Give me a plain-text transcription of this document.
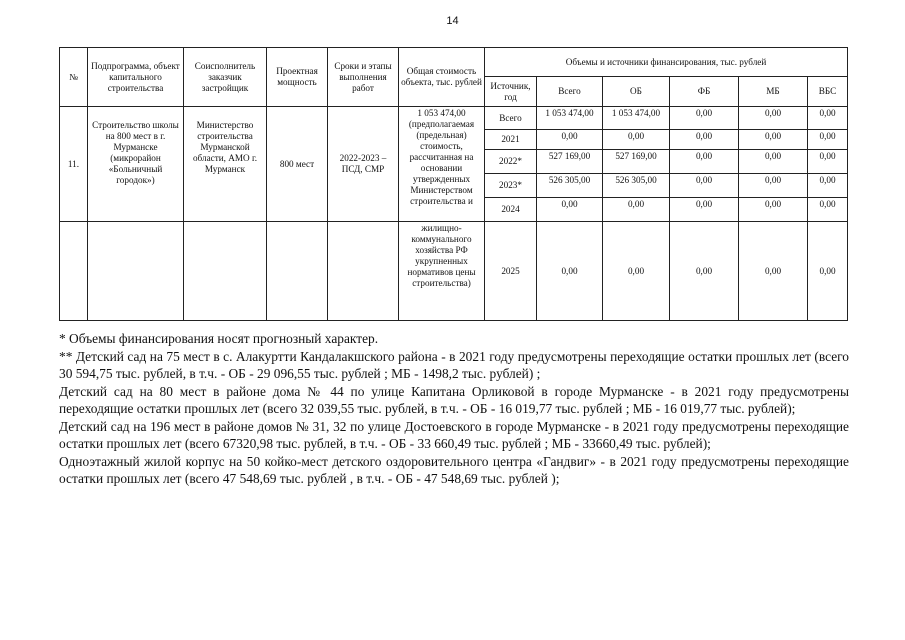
14
№	Подпрограмма, объект капитального строительства	Соисполнитель заказчик застройщик	Проектная мощность	Сроки и этапы выполнения работ	Общая стоимость объекта, тыс. рублей	Объемы и источники финансирования, тыс. рублей					
						Источник, год	Всего	ОБ	ФБ	МБ	ВБС
11.	Строительство школы на 800 мест в г. Мурманске (микрорайон «Больничный городок»)	Министерство строительства Мурманской области, АМО г. Мурманск	800 мест	2022-2023 – ПСД, СМР	1 053 474,00 (предполагаемая (предельная) стоимость, рассчитанная на основании утвержденных Министерством строительства и	Всего	1 053 474,00	1 053 474,00	0,00	0,00	0,00
						2021	0,00	0,00	0,00	0,00	0,00
						2022*	527 169,00	527 169,00	0,00	0,00	0,00
						2023*	526 305,00	526 305,00	0,00	0,00	0,00
						2024	0,00	0,00	0,00	0,00	0,00
					жилищно-коммунального хозяйства РФ укрупненных нормативов цены строительства)	2025	0,00	0,00	0,00	0,00	0,00

* Объемы финансирования носят прогнозный характер.

** Детский сад на 75 мест в с. Алакуртти Кандалакшского района - в 2021 году предусмотрены переходящие остатки прошлых лет (всего 30 594,75 тыс. рублей, в т.ч. - ОБ - 29 096,55 тыс. рублей ; МБ - 1498,2 тыс. рублей) ;

Детский сад на 80 мест в районе дома № 44 по улице Капитана Орликовой в городе Мурманске - в 2021 году предусмотрены переходящие остатки прошлых лет (всего 32 039,55 тыс. рублей, в т.ч. - ОБ - 16 019,77 тыс. рублей ; МБ - 16 019,77 тыс. рублей);

Детский сад на 196 мест в районе домов № 31, 32 по улице Достоевского в городе Мурманске - в 2021 году предусмотрены переходящие остатки прошлых лет (всего 67320,98 тыс. рублей, в т.ч. - ОБ - 33 660,49 тыс. рублей ; МБ - 33660,49 тыс. рублей);

Одноэтажный жилой корпус на 50 койко-мест детского оздоровительного центра «Гандвиг» - в 2021 году предусмотрены переходящие остатки прошлых лет (всего 47 548,69 тыс. рублей , в т.ч. - ОБ - 47 548,69 тыс. рублей );
